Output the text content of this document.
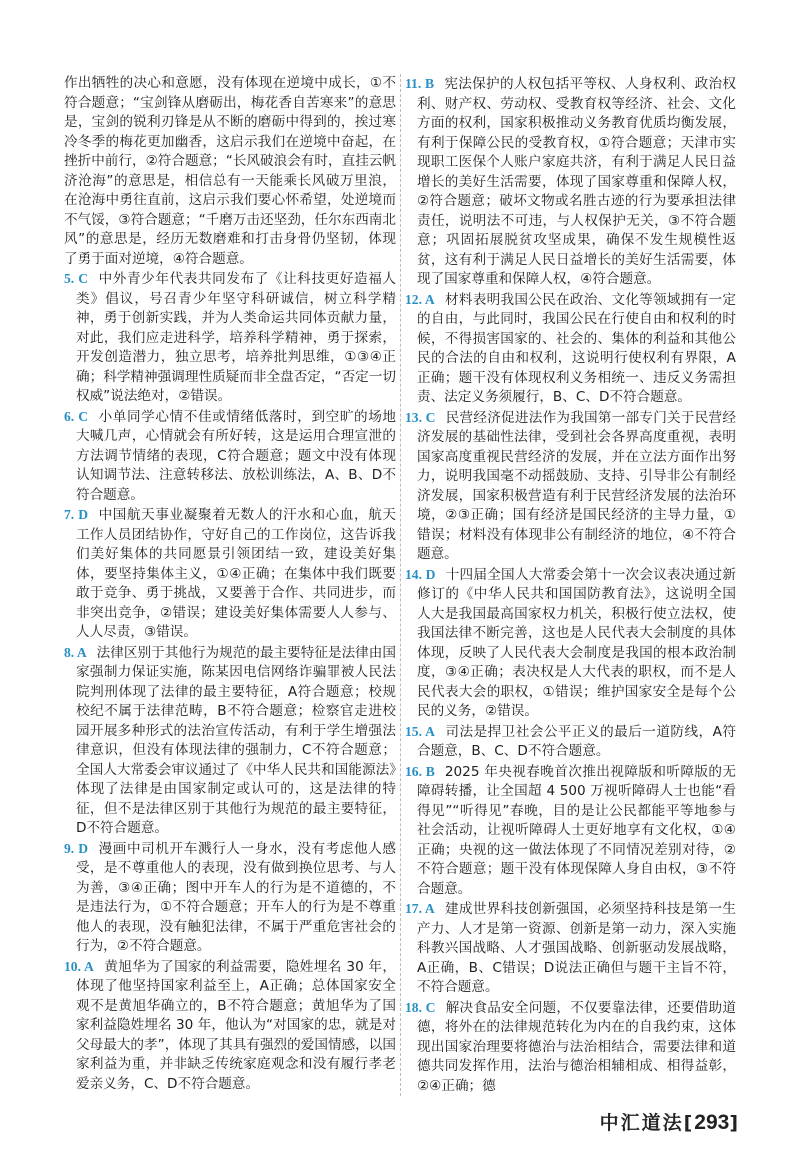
作出牺牲的决心和意愿，没有体现在逆境中成长，①不符合题意；“宝剑锋从磨砺出，梅花香自苦寒来”的意思是，宝剑的锐利刃锋是从不断的磨砺中得到的，挨过寒冷冬季的梅花更加幽香，这启示我们在逆境中奋起，在挫折中前行，②符合题意；“长风破浪会有时，直挂云帆济沧海”的意思是，相信总有一天能乘长风破万里浪，在沧海中勇往直前，这启示我们要心怀希望，处逆境而不气馁，③符合题意；“千磨万击还坚劲，任尔东西南北风”的意思是，经历无数磨难和打击身骨仍坚韧，体现了勇于面对逆境，④符合题意。

5. C 中外青少年代表共同发布了《让科技更好造福人类》倡议，号召青少年坚守科研诚信，树立科学精神，勇于创新实践，并为人类命运共同体贡献力量，对此，我们应走进科学，培养科学精神，勇于探索，开发创造潜力，独立思考，培养批判思维，①③④正确；科学精神强调理性质疑而非全盘否定，“否定一切权威”说法绝对，②错误。

6. C 小单同学心情不佳或情绪低落时，到空旷的场地大喊几声，心情就会有所好转，这是运用合理宣泄的方法调节情绪的表现，C符合题意；题文中没有体现认知调节法、注意转移法、放松训练法，A、B、D不符合题意。

7. D 中国航天事业凝聚着无数人的汗水和心血，航天工作人员团结协作，守好自己的工作岗位，这告诉我们美好集体的共同愿景引领团结一致，建设美好集体，要坚持集体主义，①④正确；在集体中我们既要敢于竞争、勇于挑战，又要善于合作、共同进步，而非突出竞争，②错误；建设美好集体需要人人参与、人人尽责，③错误。

8. A 法律区别于其他行为规范的最主要特征是法律由国家强制力保证实施，陈某因电信网络诈骗罪被人民法院判刑体现了法律的最主要特征，A符合题意；校规校纪不属于法律范畴，B不符合题意；检察官走进校园开展多种形式的法治宣传活动，有利于学生增强法律意识，但没有体现法律的强制力，C不符合题意；全国人大常委会审议通过了《中华人民共和国能源法》体现了法律是由国家制定或认可的，这是法律的特征，但不是法律区别于其他行为规范的最主要特征，D不符合题意。

9. D 漫画中司机开车溅行人一身水，没有考虑他人感受，是不尊重他人的表现，没有做到换位思考、与人为善，③④正确；图中开车人的行为是不道德的，不是违法行为，①不符合题意；开车人的行为是不尊重他人的表现，没有触犯法律，不属于严重危害社会的行为，②不符合题意。

10. A 黄旭华为了国家的利益需要，隐姓埋名 30 年，体现了他坚持国家利益至上，A正确；总体国家安全观不是黄旭华确立的，B不符合题意；黄旭华为了国家利益隐姓埋名 30 年，他认为“对国家的忠，就是对父母最大的孝”，体现了其具有强烈的爱国情感，以国家利益为重，并非缺乏传统家庭观念和没有履行孝老爱亲义务，C、D不符合题意。

11. B 宪法保护的人权包括平等权、人身权利、政治权利、财产权、劳动权、受教育权等经济、社会、文化方面的权利，国家积极推动义务教育优质均衡发展，有利于保障公民的受教育权，①符合题意；天津市实现职工医保个人账户家庭共济，有利于满足人民日益增长的美好生活需要，体现了国家尊重和保障人权，②符合题意；破坏文物或名胜古迹的行为要承担法律责任，说明法不可违，与人权保护无关，③不符合题意；巩固拓展脱贫攻坚成果，确保不发生规模性返贫，这有利于满足人民日益增长的美好生活需要，体现了国家尊重和保障人权，④符合题意。

12. A 材料表明我国公民在政治、文化等领域拥有一定的自由，与此同时，我国公民在行使自由和权利的时候，不得损害国家的、社会的、集体的利益和其他公民的合法的自由和权利，这说明行使权利有界限，A正确；题干没有体现权利义务相统一、违反义务需担责、法定义务须履行，B、C、D不符合题意。

13. C 民营经济促进法作为我国第一部专门关于民营经济发展的基础性法律，受到社会各界高度重视，表明国家高度重视民营经济的发展，并在立法方面作出努力，说明我国毫不动摇鼓励、支持、引导非公有制经济发展，国家积极营造有利于民营经济发展的法治环境，②③正确；国有经济是国民经济的主导力量，①错误；材料没有体现非公有制经济的地位，④不符合题意。

14. D 十四届全国人大常委会第十一次会议表决通过新修订的《中华人民共和国国防教育法》，这说明全国人大是我国最高国家权力机关，积极行使立法权，使我国法律不断完善，这也是人民代表大会制度的具体体现，反映了人民代表大会制度是我国的根本政治制度，③④正确；表决权是人大代表的职权，而不是人民代表大会的职权，①错误；维护国家安全是每个公民的义务，②错误。

15. A 司法是捍卫社会公平正义的最后一道防线，A符合题意，B、C、D不符合题意。

16. B 2025 年央视春晚首次推出视障版和听障版的无障碍转播，让全国超 4 500 万视听障碍人士也能“看得见”“听得见”春晚，目的是让公民都能平等地参与社会活动，让视听障碍人士更好地享有文化权，①④正确；央视的这一做法体现了不同情况差别对待，②不符合题意；题干没有体现保障人身自由权，③不符合题意。

17. A 建成世界科技创新强国，必须坚持科技是第一生产力、人才是第一资源、创新是第一动力，深入实施科教兴国战略、人才强国战略、创新驱动发展战略，A正确，B、C错误；D说法正确但与题干主旨不符，不符合题意。

18. C 解决食品安全问题，不仅要靠法律，还要借助道德，将外在的法律规范转化为内在的自我约束，这体现出国家治理要将德治与法治相结合，需要法律和道德共同发挥作用，法治与德治相辅相成、相得益彰，②④正确；德

中汇道法[293]
